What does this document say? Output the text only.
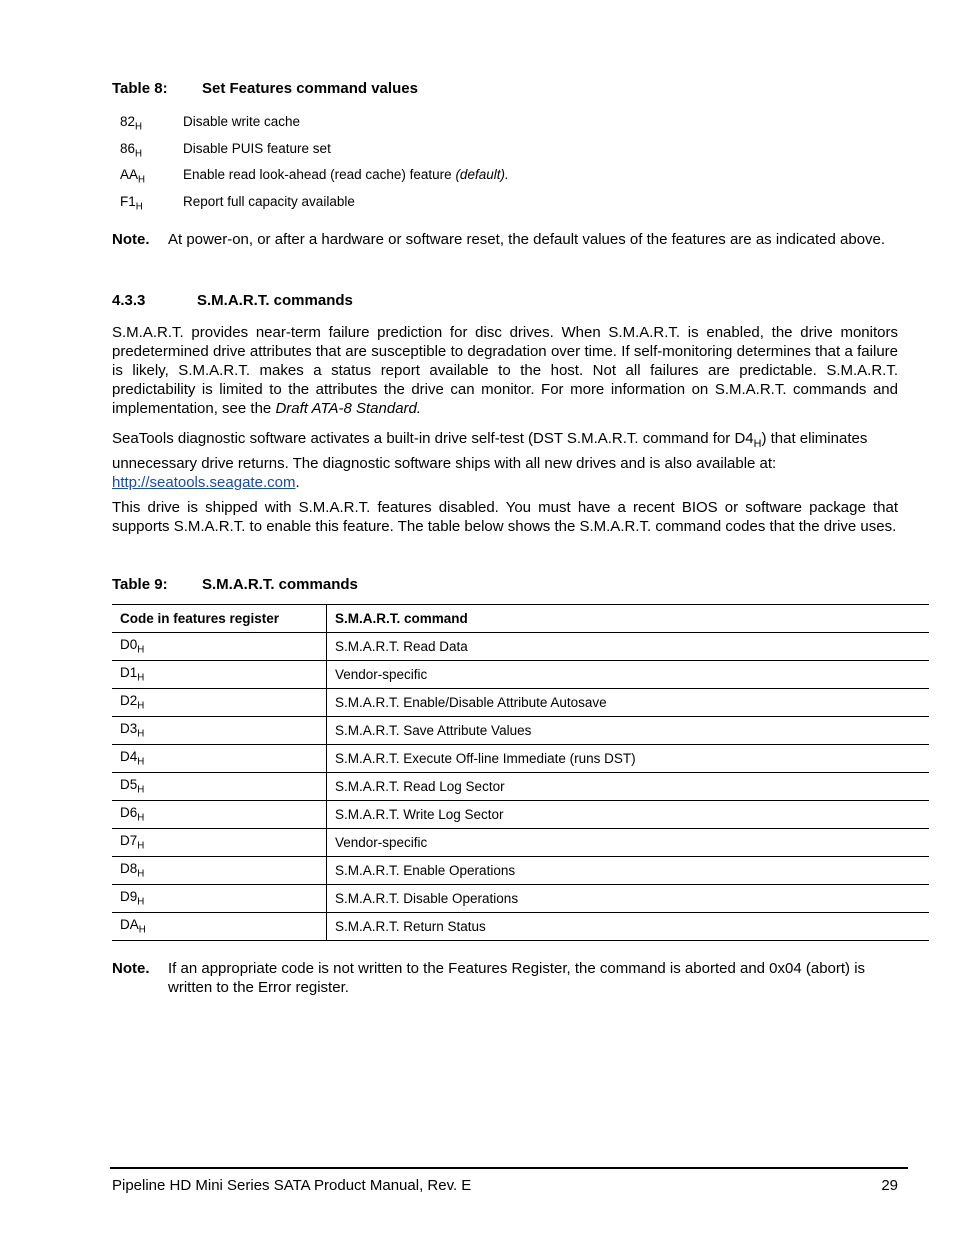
Table 8: Set Features command values
$82_H$	Disable write cache
$86_H$	Disable PUIS feature set
$AA_H$	Enable read look-ahead (read cache) feature (default).
$F1_H$	Report full capacity available
Note. At power-on, or after a hardware or software reset, the default values of the features are as indicated above.
4.3.3	S.M.A.R.T. commands
S.M.A.R.T. provides near-term failure prediction for disc drives. When S.M.A.R.T. is enabled, the drive monitors predetermined drive attributes that are susceptible to degradation over time. If self-monitoring determines that a failure is likely, S.M.A.R.T. makes a status report available to the host. Not all failures are predictable. S.M.A.R.T. predictability is limited to the attributes the drive can monitor. For more information on S.M.A.R.T. commands and implementation, see the Draft ATA-8 Standard.
SeaTools diagnostic software activates a built-in drive self-test (DST S.M.A.R.T. command for $D4_H$) that eliminates unnecessary drive returns. The diagnostic software ships with all new drives and is also available at: http://seatools.seagate.com.
This drive is shipped with S.M.A.R.T. features disabled. You must have a recent BIOS or software package that supports S.M.A.R.T. to enable this feature. The table below shows the S.M.A.R.T. command codes that the drive uses.
Table 9: S.M.A.R.T. commands
Code in features register	S.M.A.R.T. command
$D0_H$	S.M.A.R.T. Read Data
$D1_H$	Vendor-specific
$D2_H$	S.M.A.R.T. Enable/Disable Attribute Autosave
$D3_H$	S.M.A.R.T. Save Attribute Values
$D4_H$	S.M.A.R.T. Execute Off-line Immediate (runs DST)
$D5_H$	S.M.A.R.T. Read Log Sector
$D6_H$	S.M.A.R.T. Write Log Sector
$D7_H$	Vendor-specific
$D8_H$	S.M.A.R.T. Enable Operations
$D9_H$	S.M.A.R.T. Disable Operations
$DA_H$	S.M.A.R.T. Return Status
Note. If an appropriate code is not written to the Features Register, the command is aborted and 0x04 (abort) is written to the Error register.
Pipeline HD Mini Series SATA Product Manual, Rev. E	29
